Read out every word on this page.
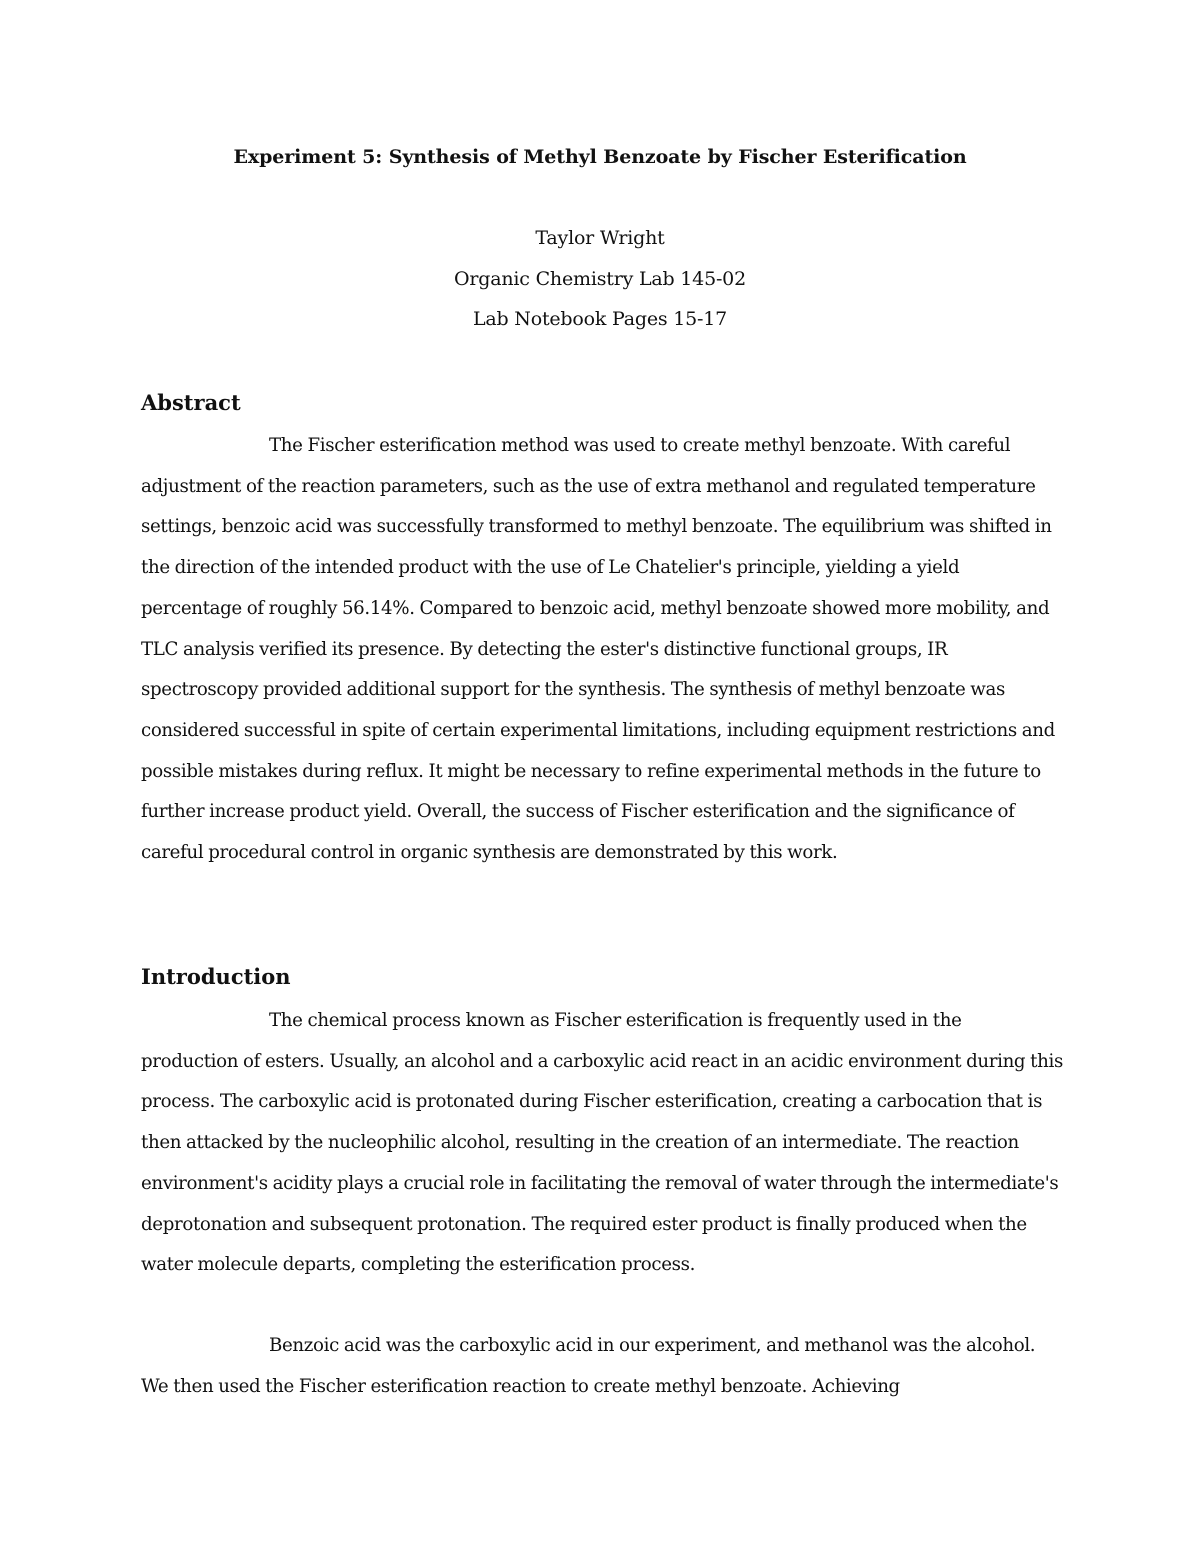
Experiment 5: Synthesis of Methyl Benzoate by Fischer Esterification
Taylor Wright
Organic Chemistry Lab 145-02
Lab Notebook Pages 15-17
Abstract

The Fischer esterification method was used to create methyl benzoate. With careful adjustment of the reaction parameters, such as the use of extra methanol and regulated temperature settings, benzoic acid was successfully transformed to methyl benzoate. The equilibrium was shifted in the direction of the intended product with the use of Le Chatelier's principle, yielding a yield percentage of roughly 56.14%. Compared to benzoic acid, methyl benzoate showed more mobility, and TLC analysis verified its presence. By detecting the ester's distinctive functional groups, IR spectroscopy provided additional support for the synthesis. The synthesis of methyl benzoate was considered successful in spite of certain experimental limitations, including equipment restrictions and possible mistakes during reflux. It might be necessary to refine experimental methods in the future to further increase product yield. Overall, the success of Fischer esterification and the significance of careful procedural control in organic synthesis are demonstrated by this work.

Introduction

The chemical process known as Fischer esterification is frequently used in the production of esters. Usually, an alcohol and a carboxylic acid react in an acidic environment during this process. The carboxylic acid is protonated during Fischer esterification, creating a carbocation that is then attacked by the nucleophilic alcohol, resulting in the creation of an intermediate. The reaction environment's acidity plays a crucial role in facilitating the removal of water through the intermediate's deprotonation and subsequent protonation. The required ester product is finally produced when the water molecule departs, completing the esterification process.

Benzoic acid was the carboxylic acid in our experiment, and methanol was the alcohol. We then used the Fischer esterification reaction to create methyl benzoate. Achieving
